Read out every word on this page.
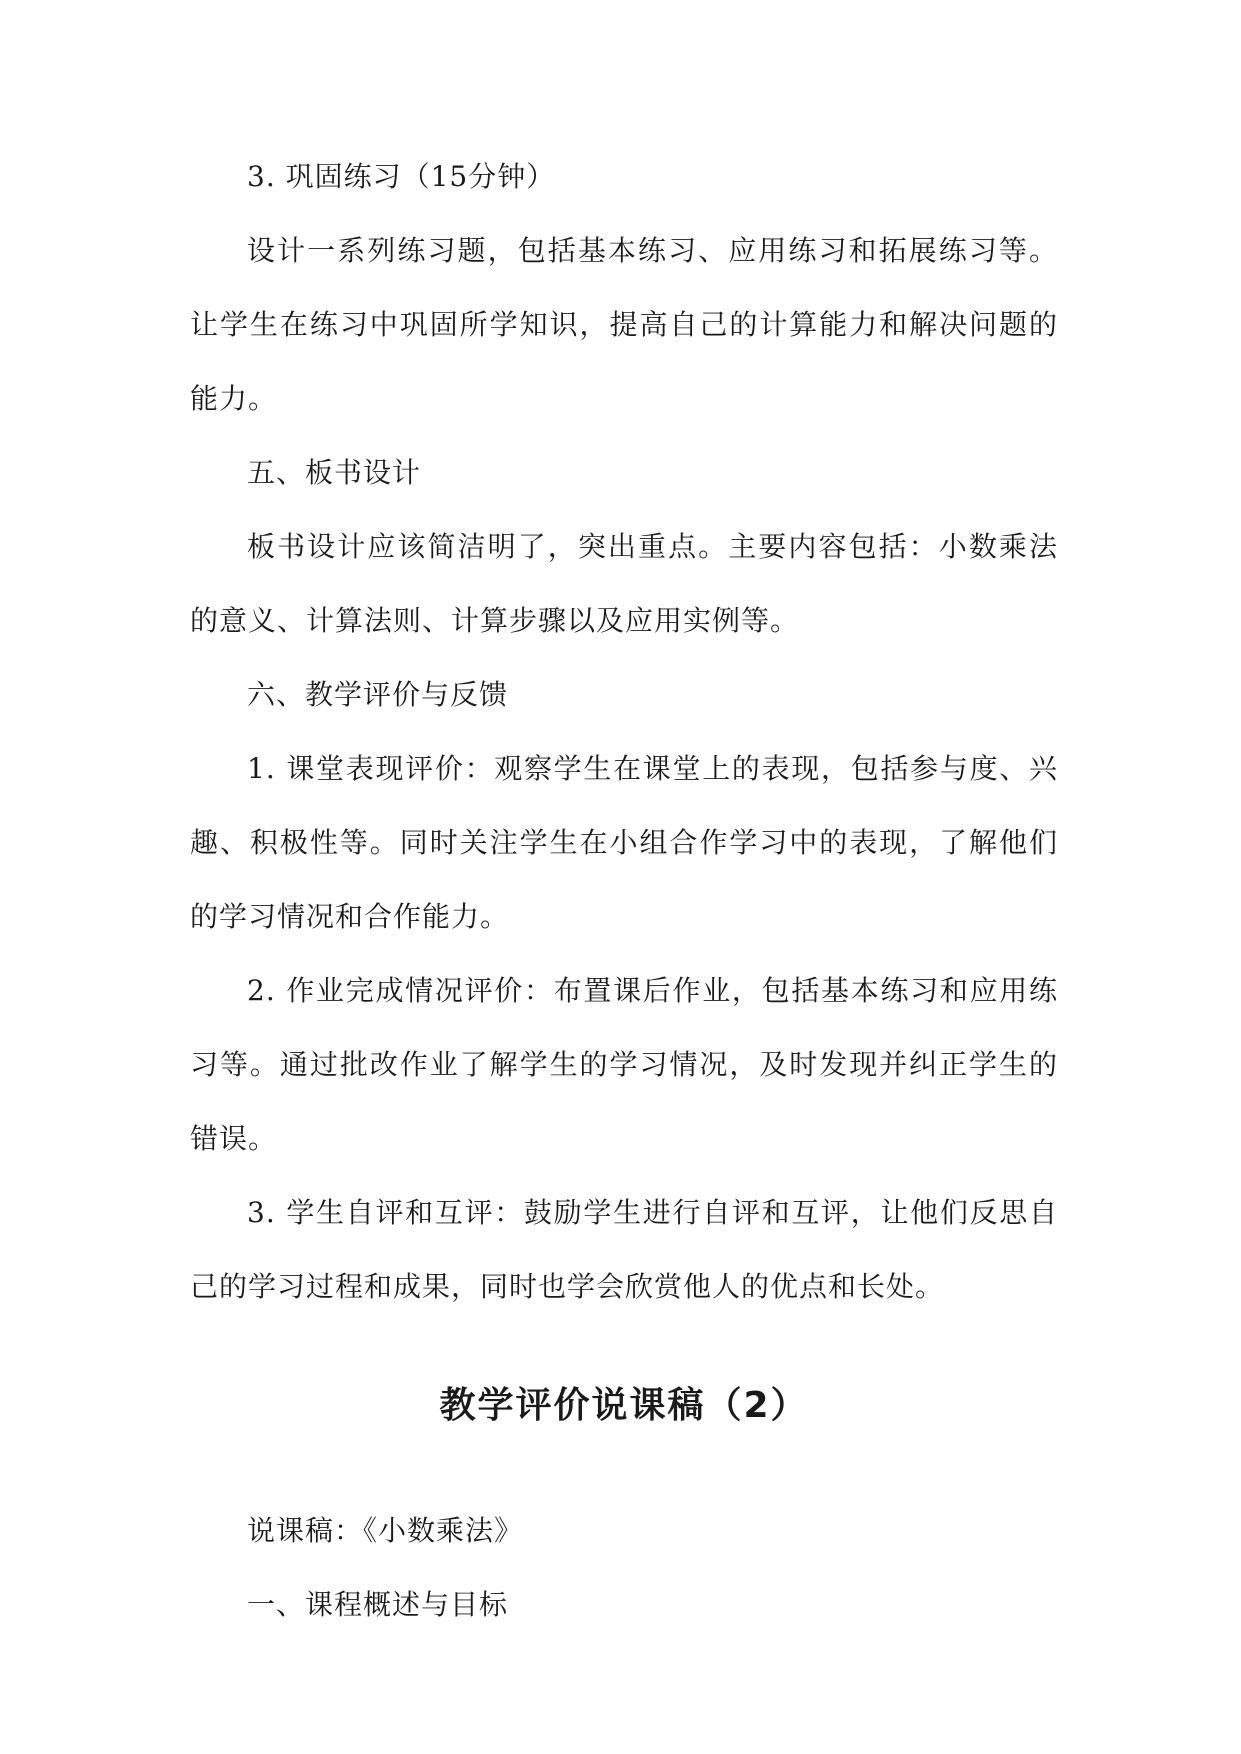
3. 巩固练习（15分钟）

设计一系列练习题，包括基本练习、应用练习和拓展练习等。让学生在练习中巩固所学知识，提高自己的计算能力和解决问题的能力。

五、板书设计

板书设计应该简洁明了，突出重点。主要内容包括：小数乘法的意义、计算法则、计算步骤以及应用实例等。

六、教学评价与反馈

1. 课堂表现评价：观察学生在课堂上的表现，包括参与度、兴趣、积极性等。同时关注学生在小组合作学习中的表现，了解他们的学习情况和合作能力。

2. 作业完成情况评价：布置课后作业，包括基本练习和应用练习等。通过批改作业了解学生的学习情况，及时发现并纠正学生的错误。

3. 学生自评和互评：鼓励学生进行自评和互评，让他们反思自己的学习过程和成果，同时也学会欣赏他人的优点和长处。

教学评价说课稿（2）

说课稿：《小数乘法》

一、课程概述与目标
